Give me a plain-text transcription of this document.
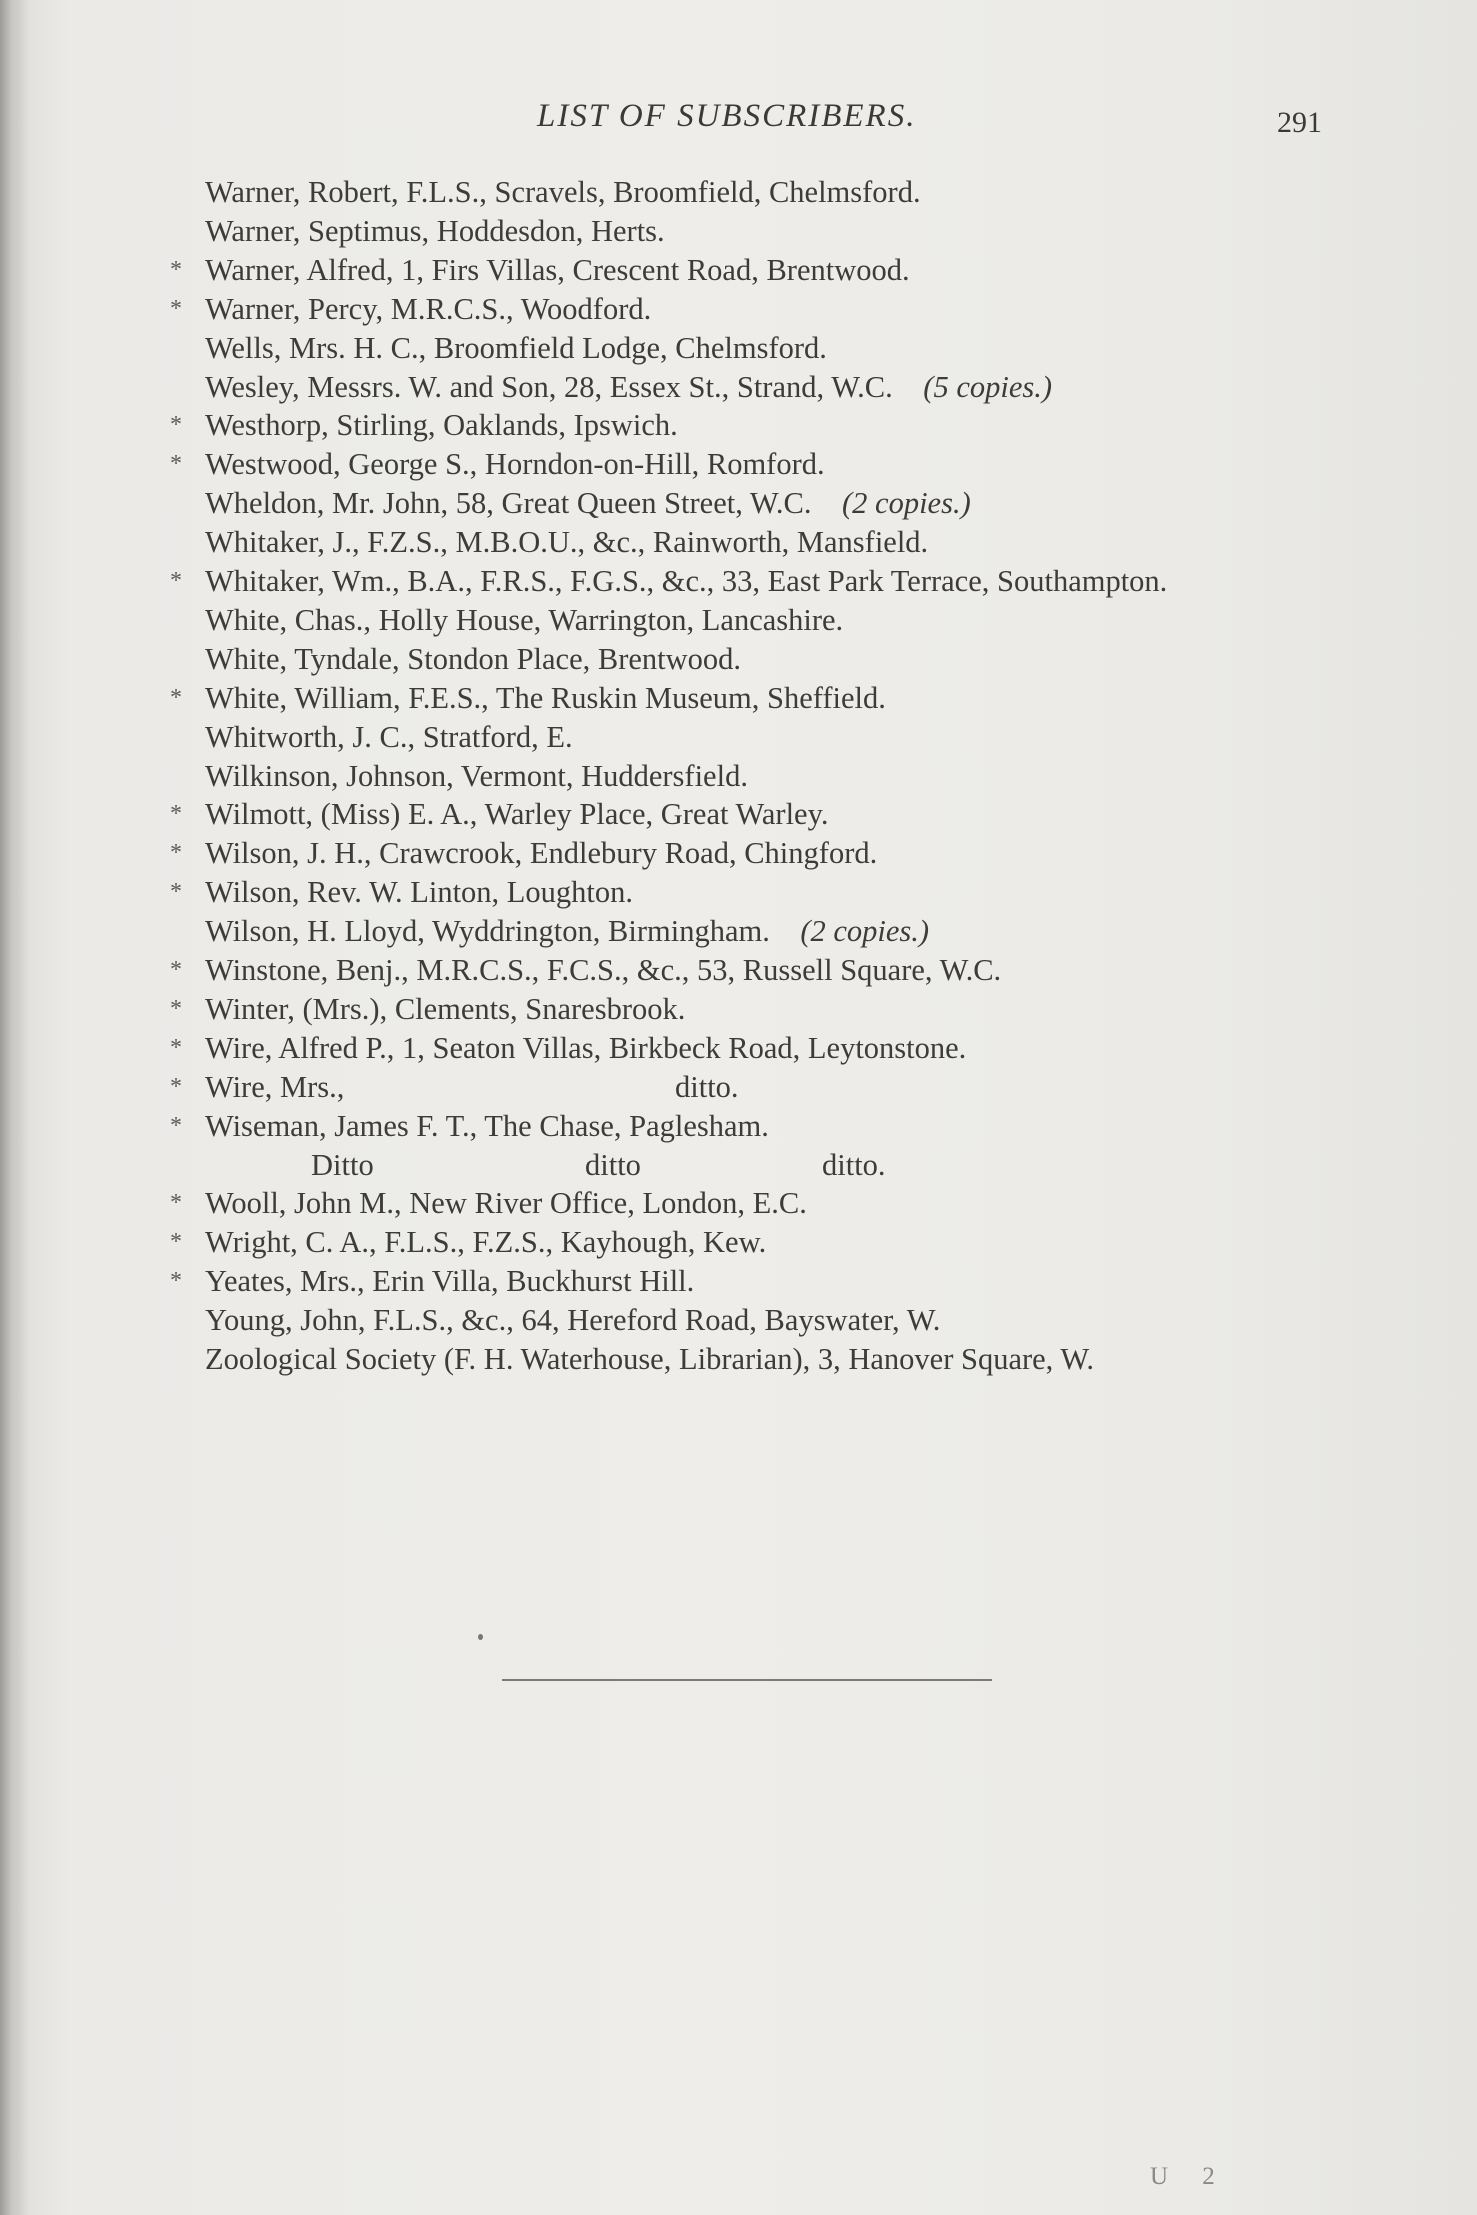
LIST OF SUBSCRIBERS.	291
Warner, Robert, F.L.S., Scravels, Broomfield, Chelmsford.
Warner, Septimus, Hoddesdon, Herts.
* Warner, Alfred, 1, Firs Villas, Crescent Road, Brentwood.
* Warner, Percy, M.R.C.S., Woodford.
Wells, Mrs. H. C., Broomfield Lodge, Chelmsford.
Wesley, Messrs. W. and Son, 28, Essex St., Strand, W.C.  (5 copies.)
* Westhorp, Stirling, Oaklands, Ipswich.
* Westwood, George S., Horndon-on-Hill, Romford.
Wheldon, Mr. John, 58, Great Queen Street, W.C.  (2 copies.)
Whitaker, J., F.Z.S., M.B.O.U., &c., Rainworth, Mansfield.
* Whitaker, Wm., B.A., F.R.S., F.G.S., &c., 33, East Park Terrace, Southampton.
White, Chas., Holly House, Warrington, Lancashire.
White, Tyndale, Stondon Place, Brentwood.
* White, William, F.E.S., The Ruskin Museum, Sheffield.
Whitworth, J. C., Stratford, E.
Wilkinson, Johnson, Vermont, Huddersfield.
* Wilmott, (Miss) E. A., Warley Place, Great Warley.
* Wilson, J. H., Crawcrook, Endlebury Road, Chingford.
* Wilson, Rev. W. Linton, Loughton.
Wilson, H. Lloyd, Wyddrington, Birmingham.  (2 copies.)
* Winstone, Benj., M.R.C.S., F.C.S., &c., 53, Russell Square, W.C.
* Winter, (Mrs.), Clements, Snaresbrook.
* Wire, Alfred P., 1, Seaton Villas, Birkbeck Road, Leytonstone.
* Wire, Mrs.,	ditto.
* Wiseman, James F. T., The Chase, Paglesham.
Ditto	ditto	ditto.
* Wooll, John M., New River Office, London, E.C.
* Wright, C. A., F.L.S., F.Z.S., Kayhough, Kew.
* Yeates, Mrs., Erin Villa, Buckhurst Hill.
Young, John, F.L.S., &c., 64, Hereford Road, Bayswater, W.
Zoological Society (F. H. Waterhouse, Librarian), 3, Hanover Square, W.
U 2
